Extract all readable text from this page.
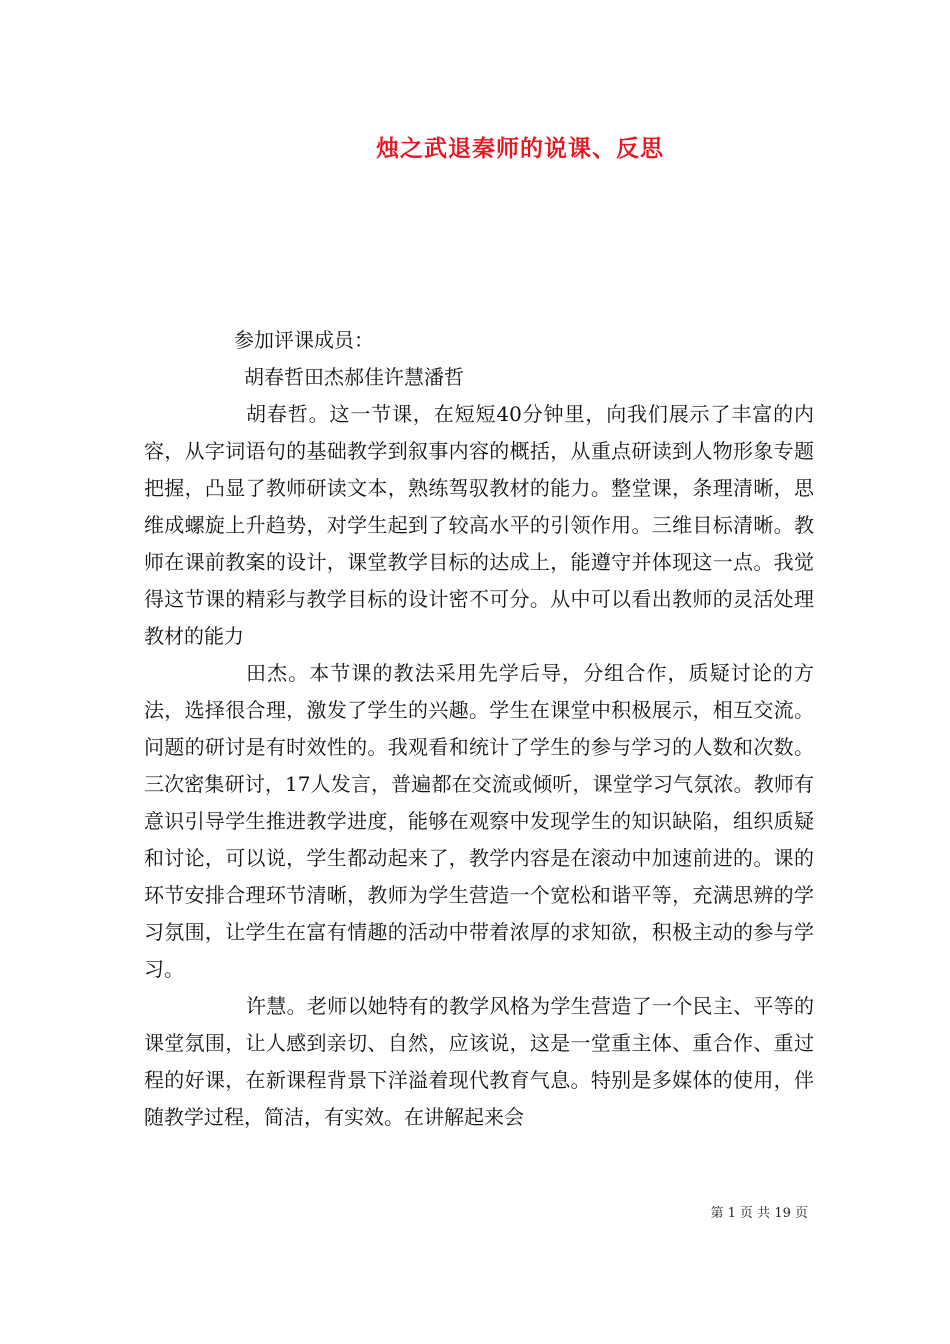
烛之武退秦师的说课、反思

参加评课成员：

胡春哲田杰郝佳许慧潘哲

胡春哲。这一节课，在短短40分钟里，向我们展示了丰富的内容，从字词语句的基础教学到叙事内容的概括，从重点研读到人物形象专题把握，凸显了教师研读文本，熟练驾驭教材的能力。整堂课，条理清晰，思维成螺旋上升趋势，对学生起到了较高水平的引领作用。三维目标清晰。教师在课前教案的设计，课堂教学目标的达成上，能遵守并体现这一点。我觉得这节课的精彩与教学目标的设计密不可分。从中可以看出教师的灵活处理教材的能力

田杰。本节课的教法采用先学后导，分组合作，质疑讨论的方法，选择很合理，激发了学生的兴趣。学生在课堂中积极展示，相互交流。问题的研讨是有时效性的。我观看和统计了学生的参与学习的人数和次数。三次密集研讨，17人发言，普遍都在交流或倾听，课堂学习气氛浓。教师有意识引导学生推进教学进度，能够在观察中发现学生的知识缺陷，组织质疑和讨论，可以说，学生都动起来了，教学内容是在滚动中加速前进的。课的环节安排合理环节清晰，教师为学生营造一个宽松和谐平等，充满思辨的学习氛围，让学生在富有情趣的活动中带着浓厚的求知欲，积极主动的参与学习。

许慧。老师以她特有的教学风格为学生营造了一个民主、平等的课堂氛围，让人感到亲切、自然，应该说，这是一堂重主体、重合作、重过程的好课，在新课程背景下洋溢着现代教育气息。特别是多媒体的使用，伴随教学过程，简洁，有实效。在讲解起来会

第 1 页 共 19 页
